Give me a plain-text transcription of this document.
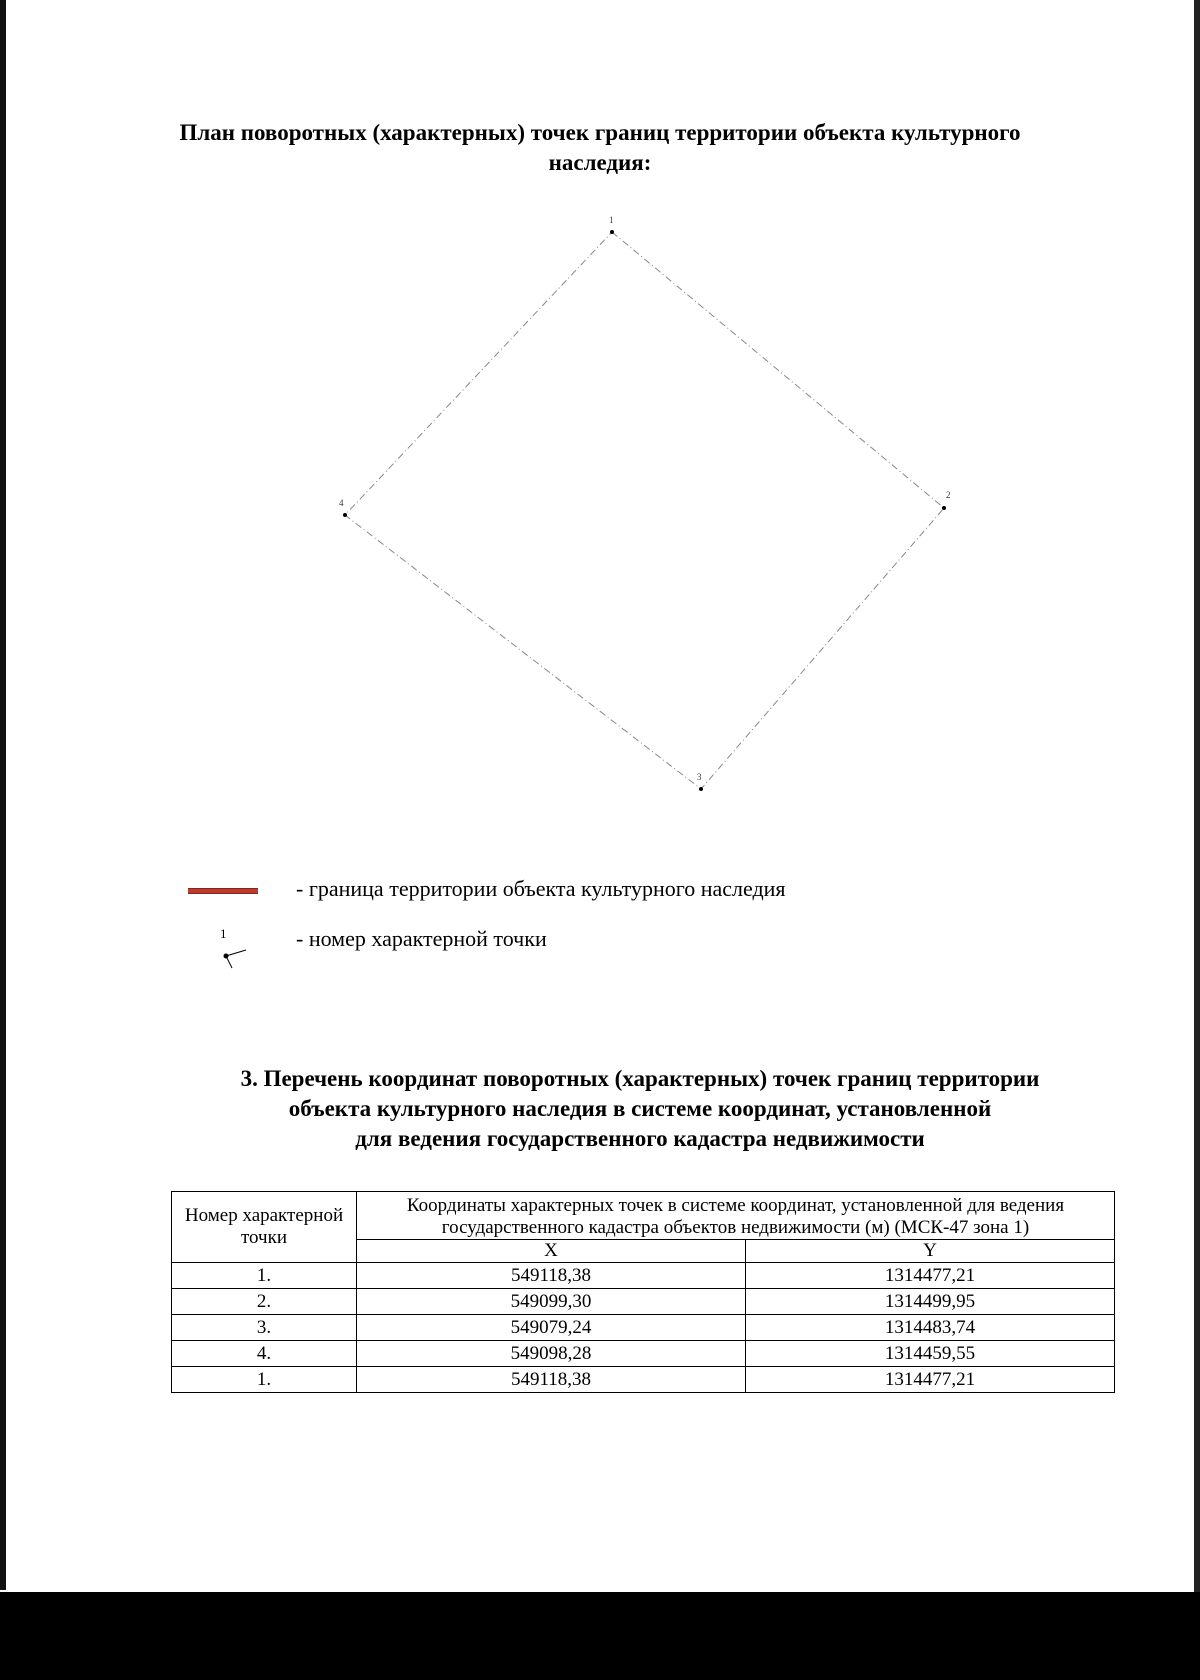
План поворотных (характерных) точек границ территории объекта культурного наследия:
1
2
3
4
- граница территории объекта культурного наследия
1	- номер характерной точки
3. Перечень координат поворотных (характерных) точек границ территории
объекта культурного наследия в системе координат, установленной
для ведения государственного кадастра недвижимости
Номер характерной точки	Координаты характерных точек в системе координат, установленной для ведения государственного кадастра объектов недвижимости (м) (МСК-47 зона 1)	
	X	Y
1.	549118,38	1314477,21
2.	549099,30	1314499,95
3.	549079,24	1314483,74
4.	549098,28	1314459,55
1.	549118,38	1314477,21
